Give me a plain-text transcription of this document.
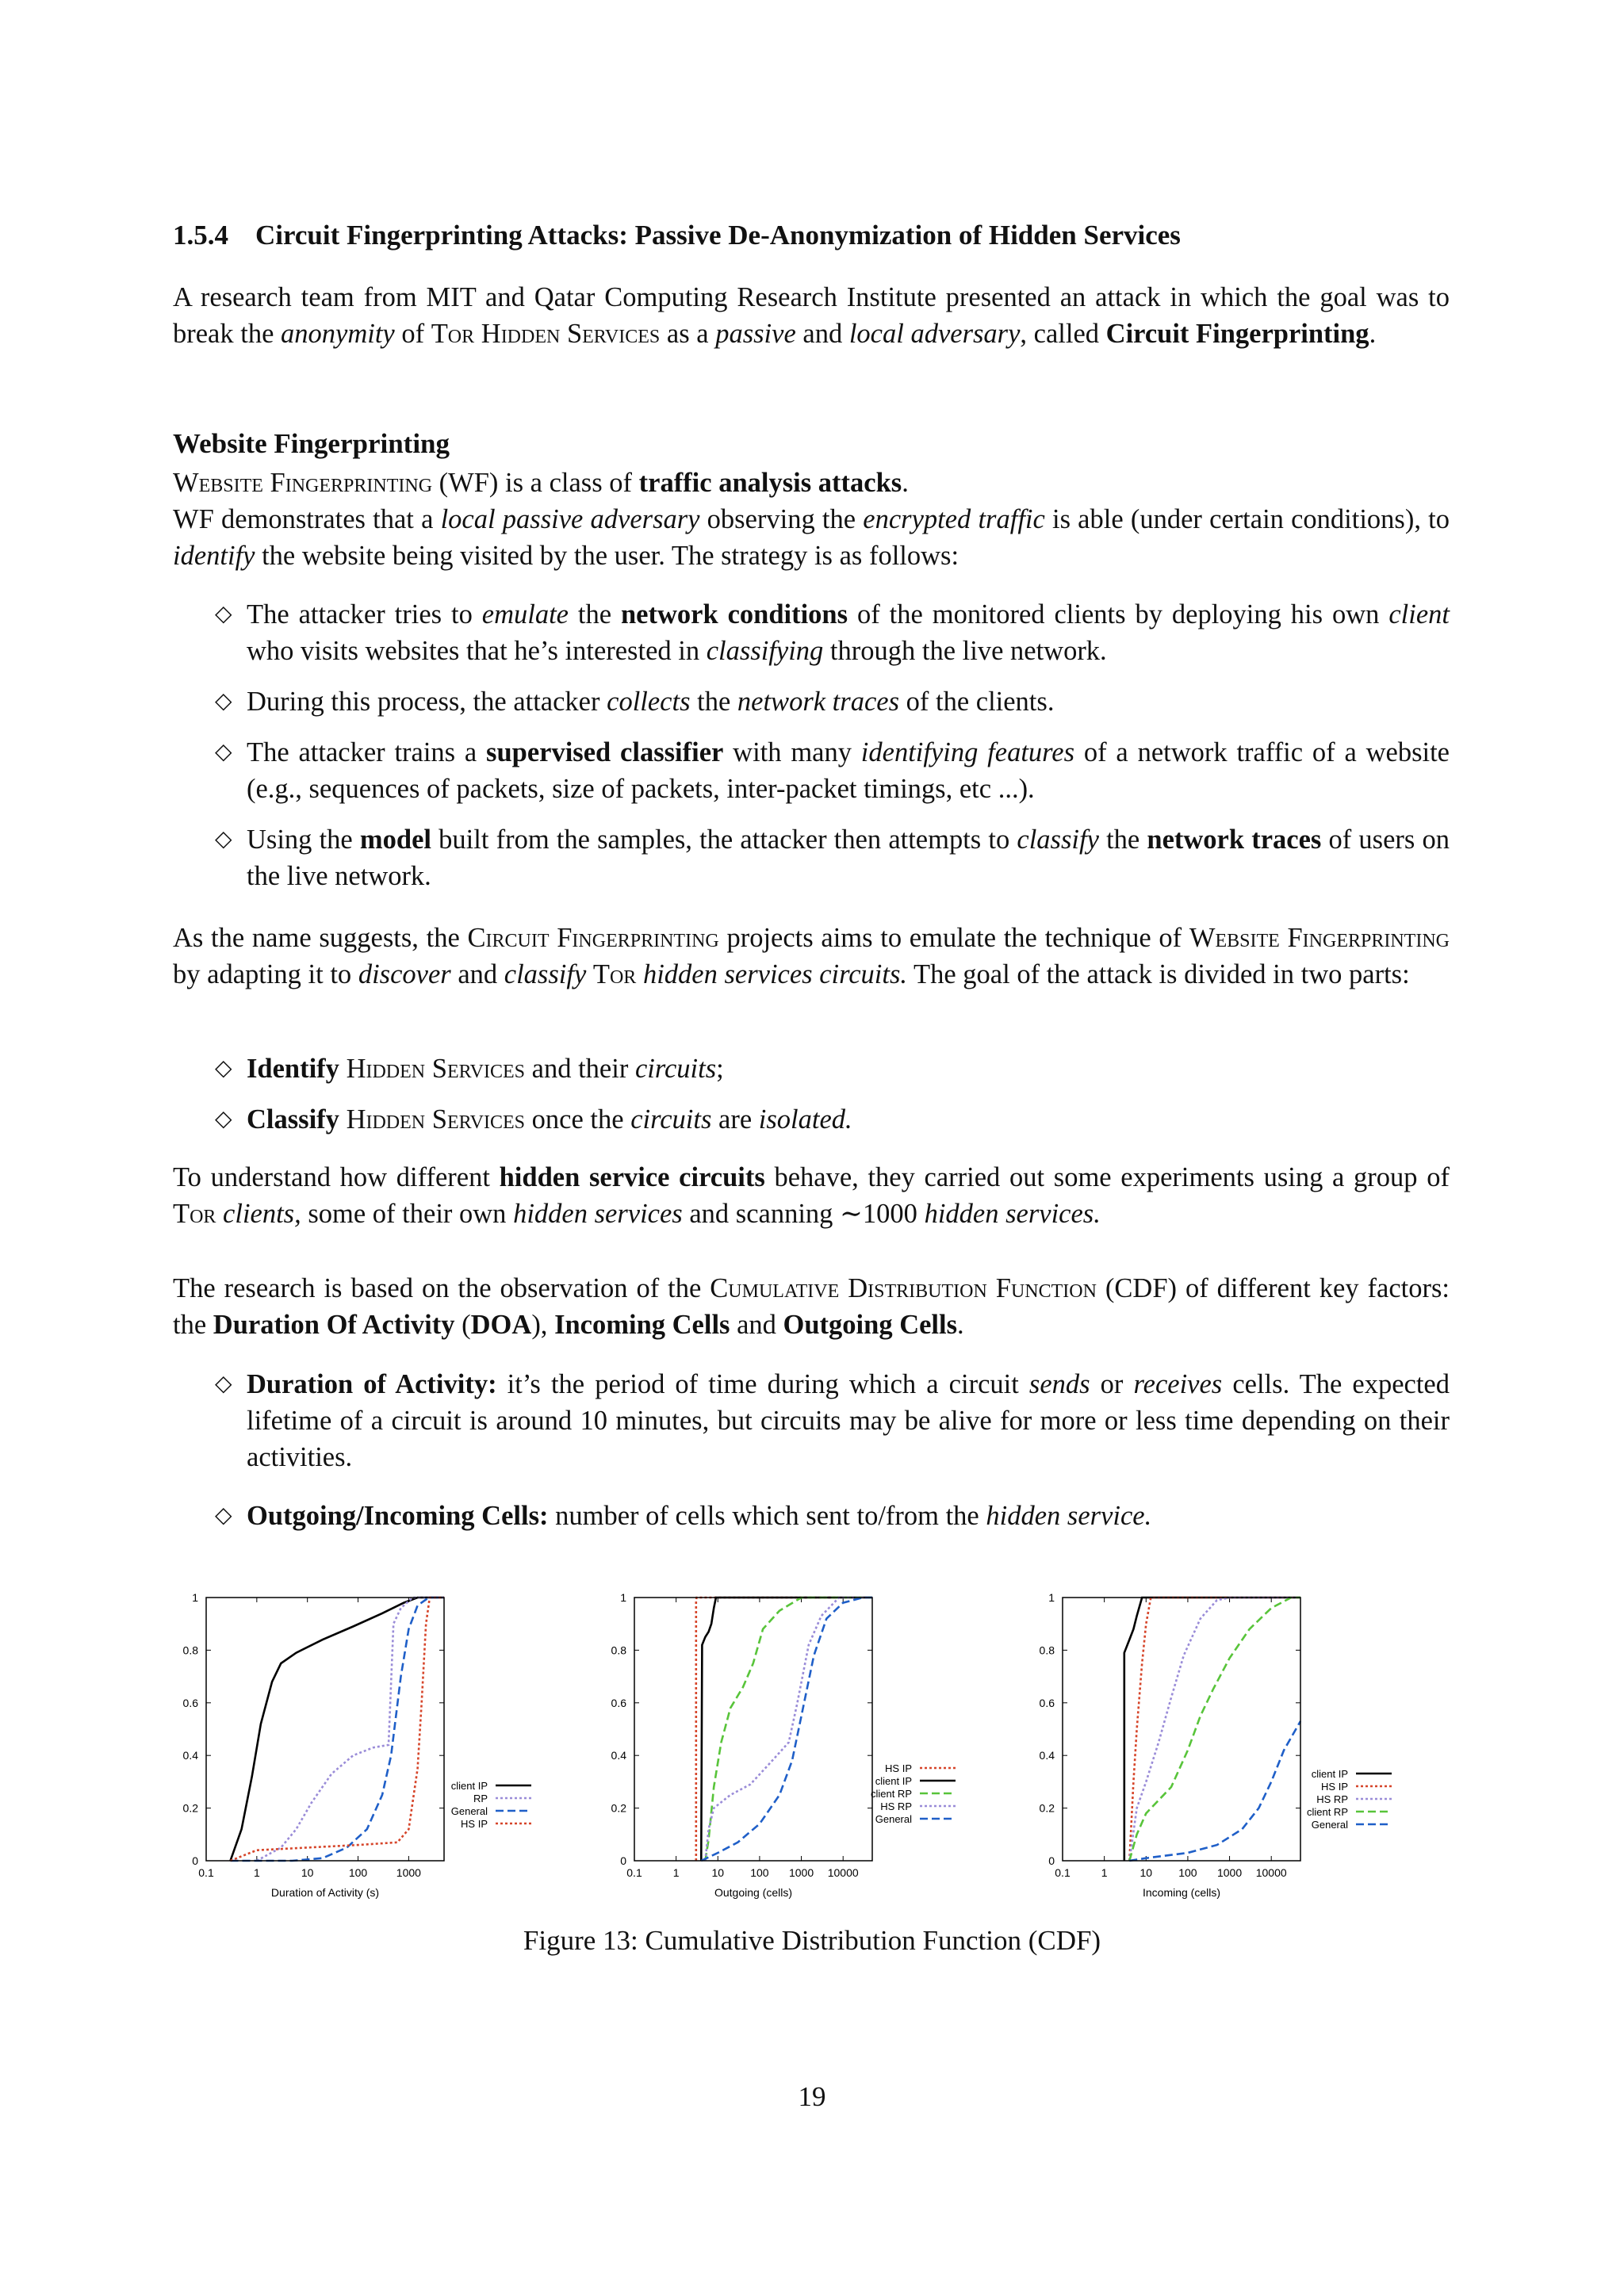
1.5.4 Circuit Fingerprinting Attacks: Passive De-Anonymization of Hidden Services

A research team from MIT and Qatar Computing Research Institute presented an attack in which the goal was to break the anonymity of Tor Hidden Services as a passive and local adversary, called Circuit Fingerprinting.

Website Fingerprinting

Website Fingerprinting (WF) is a class of traffic analysis attacks.

WF demonstrates that a local passive adversary observing the encrypted traffic is able (under certain conditions), to identify the website being visited by the user. The strategy is as follows:

◇ The attacker tries to emulate the network conditions of the monitored clients by deploying his own client who visits websites that he’s interested in classifying through the live network.
◇ During this process, the attacker collects the network traces of the clients.
◇ The attacker trains a supervised classifier with many identifying features of a network traffic of a website (e.g., sequences of packets, size of packets, inter-packet timings, etc ...).
◇ Using the model built from the samples, the attacker then attempts to classify the network traces of users on the live network.

As the name suggests, the Circuit Fingerprinting projects aims to emulate the technique of Website Fingerprinting by adapting it to discover and classify Tor hidden services circuits. The goal of the attack is divided in two parts:

◇ Identify Hidden Services and their circuits;
◇ Classify Hidden Services once the circuits are isolated.

To understand how different hidden service circuits behave, they carried out some experiments using a group of Tor clients, some of their own hidden services and scanning ∼1000 hidden services.

The research is based on the observation of the Cumulative Distribution Function (CDF) of different key factors: the Duration Of Activity (DOA), Incoming Cells and Outgoing Cells.

◇ Duration of Activity: it’s the period of time during which a circuit sends or receives cells. The expected lifetime of a circuit is around 10 minutes, but circuits may be alive for more or less time depending on their activities.
◇ Outgoing/Incoming Cells: number of cells which sent to/from the hidden service.
0
0.2
0.4
0.6
0.8
1
0.1	1	10	100	1000
Duration of Activity (s)
client IP
RP
General
HS IP
0
0.2
0.4
0.6
0.8
1
0.1	1	10 100 1000 10000
Outgoing (cells)
HS IP
client IP
client RP
HS RP
General
0
0.2
0.4
0.6
0.8
1
0.1	1	10 100 1000 10000
Incoming (cells)
client IP
HS IP
HS RP
client RP
General
Figure 13: Cumulative Distribution Function (CDF)
19
